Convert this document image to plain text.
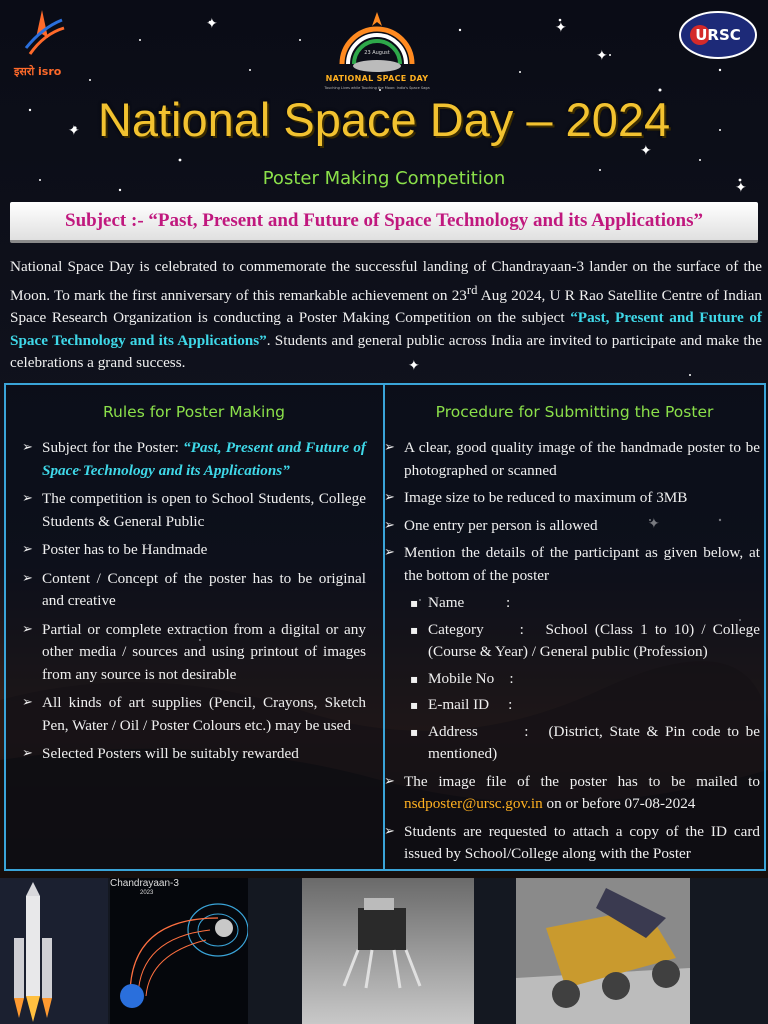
✦
✦
✦
✦
✦
✦
✦
इसरो isro
23 August
NATIONAL SPACE DAY
Touching Lives while Touching the Moon: India's Space Saga
URSC
National Space Day – 2024
Poster Making Competition
Subject :- “Past, Present and Future of Space Technology and its Applications”
National Space Day is celebrated to commemorate the successful landing of Chandrayaan-3 lander on the surface of the Moon. To mark the first anniversary of this remarkable achievement on 23rd Aug 2024, U R Rao Satellite Centre of Indian Space Research Organization is conducting a Poster Making Competition on the subject “Past, Present and Future of Space Technology and its Applications”. Students and general public across India are invited to participate and make the celebrations a grand success.
Rules for Poster Making
➢ Subject for the Poster: “Past, Present and Future of Space Technology and its Applications”
➢ The competition is open to School Students, College Students & General Public
➢ Poster has to be Handmade
➢ Content / Concept of the poster has to be original and creative
➢ Partial or complete extraction from a digital or any other media / sources and using printout of images from any source is not desirable
➢ All kinds of art supplies (Pencil, Crayons, Sketch Pen, Water / Oil / Poster Colours etc.) may be used
➢ Selected Posters will be suitably rewarded
Procedure for Submitting the Poster
➢ A clear, good quality image of the handmade poster to be photographed or scanned
➢ Image size to be reduced to maximum of 3MB
➢ One entry per person is allowed
➢ Mention the details of the participant as given below, at the bottom of the poster
▪ Name           :
▪ Category     :   School (Class 1 to 10) / College (Course & Year) / General public (Profession)
▪ Mobile No    :
▪ E-mail ID     :
▪ Address       :   (District, State & Pin code to be mentioned)
➢ The image file of the poster has to be mailed to nsdposter@ursc.gov.in on or before 07-08-2024
➢ Students are requested to attach a copy of the ID card issued by School/College along with the Poster
Chandrayaan-3
2023
